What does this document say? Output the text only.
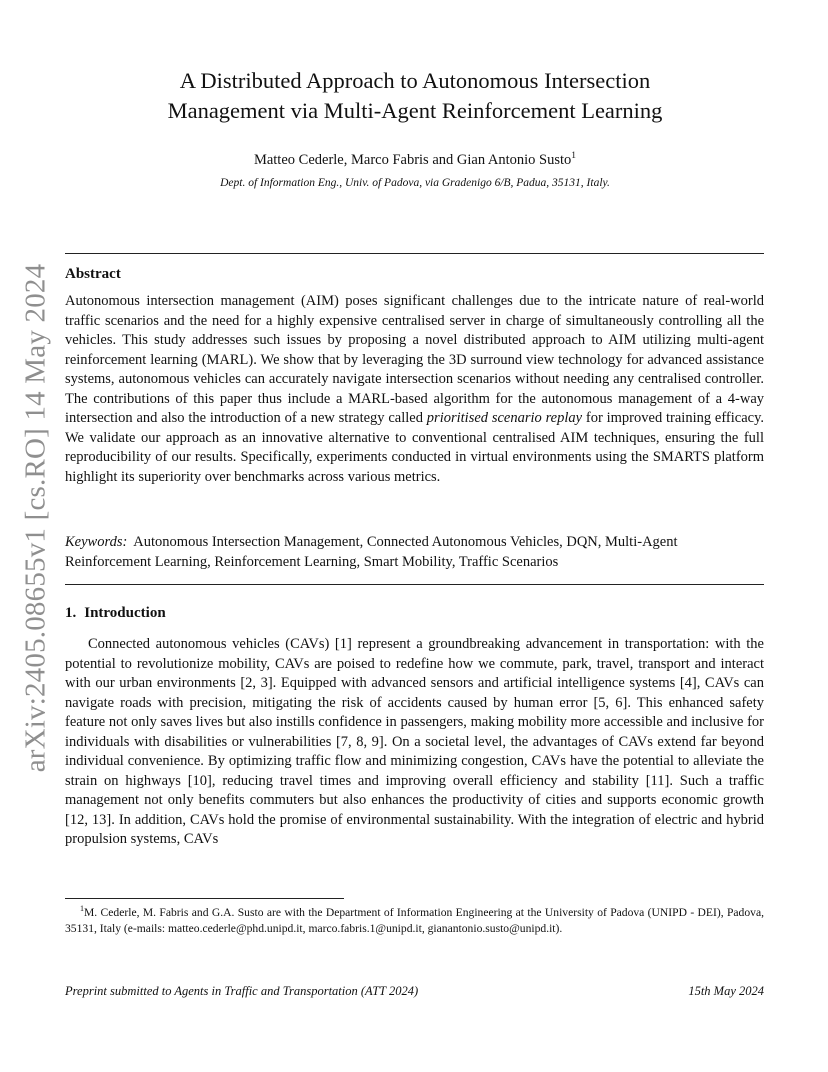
arXiv:2405.08655v1 [cs.RO] 14 May 2024
A Distributed Approach to Autonomous Intersection
Management via Multi-Agent Reinforcement Learning
Matteo Cederle, Marco Fabris and Gian Antonio Susto$^1$
Dept. of Information Eng., Univ. of Padova, via Gradenigo 6/B, Padua, 35131, Italy.
Abstract

Autonomous intersection management (AIM) poses significant challenges due to the intricate nature of real-world traffic scenarios and the need for a highly expensive centralised server in charge of simultaneously controlling all the vehicles. This study addresses such issues by proposing a novel distributed approach to AIM utilizing multi-agent reinforcement learning (MARL). We show that by leveraging the 3D surround view technology for advanced assistance systems, autonomous vehicles can accurately navigate intersection scenarios without needing any centralised controller. The contributions of this paper thus include a MARL-based algorithm for the autonomous management of a 4-way intersection and also the introduction of a new strategy called prioritised scenario replay for improved training efficacy. We validate our approach as an innovative alternative to conventional centralised AIM techniques, ensuring the full reproducibility of our results. Specifically, experiments conducted in virtual environments using the SMARTS platform highlight its superiority over benchmarks across various metrics.

Keywords: Autonomous Intersection Management, Connected Autonomous Vehicles, DQN, Multi-Agent Reinforcement Learning, Reinforcement Learning, Smart Mobility, Traffic Scenarios
1. Introduction

Connected autonomous vehicles (CAVs) [1] represent a groundbreaking advancement in transportation: with the potential to revolutionize mobility, CAVs are poised to redefine how we commute, park, travel, transport and interact with our urban environments [2, 3]. Equipped with advanced sensors and artificial intelligence systems [4], CAVs can navigate roads with precision, mitigating the risk of accidents caused by human error [5, 6]. This enhanced safety feature not only saves lives but also instills confidence in passengers, making mobility more accessible and inclusive for individuals with disabilities or vulnerabilities [7, 8, 9]. On a societal level, the advantages of CAVs extend far beyond individual convenience. By optimizing traffic flow and minimizing congestion, CAVs have the potential to alleviate the strain on highways [10], reducing travel times and improving overall efficiency and stability [11]. Such a traffic management not only benefits commuters but also enhances the productivity of cities and supports economic growth [12, 13]. In addition, CAVs hold the promise of environmental sustainability. With the integration of electric and hybrid propulsion systems, CAVs

$^1$M. Cederle, M. Fabris and G.A. Susto are with the Department of Information Engineering at the University of Padova (UNIPD - DEI), Padova, 35131, Italy (e-mails: matteo.cederle@phd.unipd.it, marco.fabris.1@unipd.it, gianantonio.susto@unipd.it).

Preprint submitted to Agents in Traffic and Transportation (ATT 2024)	15th May 2024
